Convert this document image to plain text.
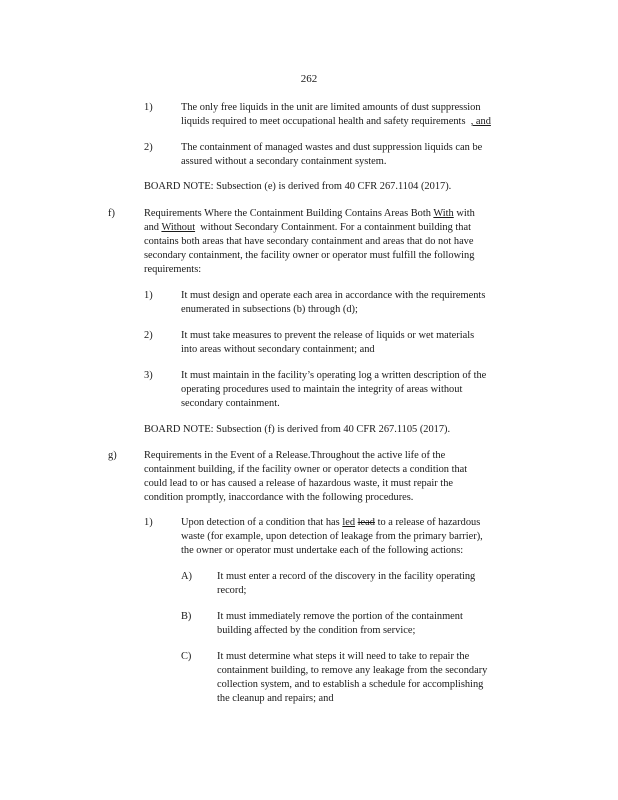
262
1)	The only free liquids in the unit are limited amounts of dust suppression
liquids required to meet occupational health and safety requirements , and
2)	The containment of managed wastes and dust suppression liquids can be
assured without a secondary containment system.
BOARD NOTE: Subsection (e) is derived from 40 CFR 267.1104 (2017).
f)	Requirements Where the Containment Building Contains Areas Both With with
and Without without Secondary Containment. For a containment building that
contains both areas that have secondary containment and areas that do not have
secondary containment, the facility owner or operator must fulfill the following
requirements:
1)	It must design and operate each area in accordance with the requirements
enumerated in subsections (b) through (d);
2)	It must take measures to prevent the release of liquids or wet materials
into areas without secondary containment; and
3)	It must maintain in the facility’s operating log a written description of the
operating procedures used to maintain the integrity of areas without
secondary containment.
BOARD NOTE: Subsection (f) is derived from 40 CFR 267.1105 (2017).
g)	Requirements in the Event of a Release.Throughout the active life of the
containment building, if the facility owner or operator detects a condition that
could lead to or has caused a release of hazardous waste, it must repair the
condition promptly, inaccordance with the following procedures.
1)	Upon detection of a condition that has led lead to a release of hazardous
waste (for example, upon detection of leakage from the primary barrier),
the owner or operator must undertake each of the following actions:
A) It must enter a record of the discovery in the facility operating
record;
B) It must immediately remove the portion of the containment
building affected by the condition from service;
C) It must determine what steps it will need to take to repair the
containment building, to remove any leakage from the secondary
collection system, and to establish a schedule for accomplishing
the cleanup and repairs; and
